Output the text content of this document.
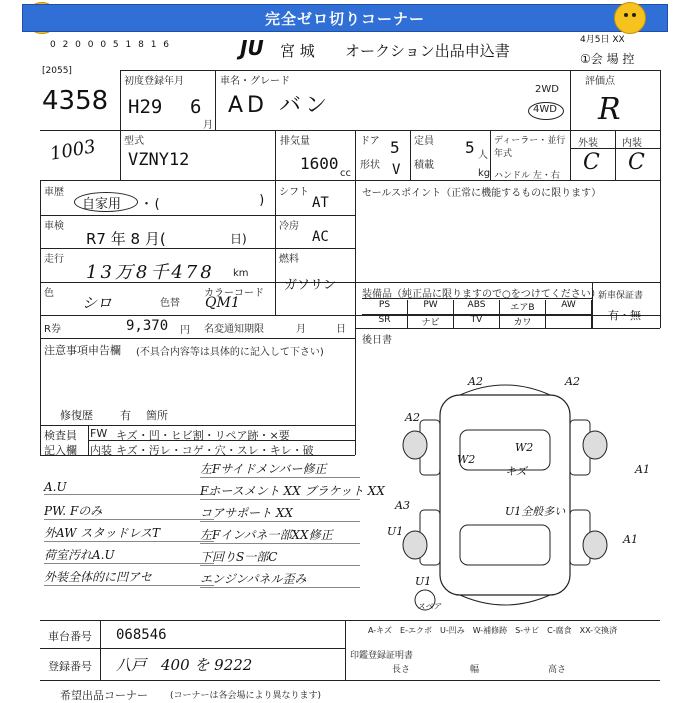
完全ゼロ切りコーナー
0 2 0 0 0 5 1 8 1 6	JU 宮 城 オークション出品申込書
4月5日 XX
①会 場 控
[2055]
4358
1003
初度登録年月
H29 6
月
車名・グレード
AD バン
2WD
4WD
評価点
R
型式
VZNY12
排気量
1600
cc
ドア 5
形状 V
定員 5 人
積載
kg
ディーラー・並行
年式
ハンドル 左・右
外装 内装
C C
車歴
自家用 ・(	)
シフト
AT
車検
R7 年 8 月(	日)
冷房
AC
走行
13万8千478 km
燃料
ガソリン
色
シロ	色替
カラーコード
QM1
R券	9,370 円 名変通知期限	月	日
注意事項申告欄 (不具合内容等は具体的に記入して下さい)
修復歴 有 箇所
セールスポイント（正常に機能するものに限ります）
装備品（純正品に限りますので○をつけてください）
PS	PW	ABS	エアB	AW
SR	ナビ	TV	カワ
新車保証書
有・無
後日書
検査員
記入欄
FW キズ・凹・ヒビ割・リペア跡・×要
内装 キズ・汚レ・コゲ・穴・スレ・キレ・破
A.U
PW. Fのみ
外AW スタッドレスT
荷室汚れA.U
外装全体的に凹アセ
左Fサイドメンバー修正
Fホースメント XX ブラケット XX
コアサポート XX
左Fインパネ一部XX修正
下回りS一部C
エンジンパネル歪み
A2	A2
A2
W2
W2
キズ	A1
A3
U1
U1全般多い
A1
U1
スペア
A-キズ　E-エクボ　U-凹み　W-補修跡　S-サビ　C-腐食　XX-交換済
車台番号 068546
登録番号 八戸　400 を 9222	印鑑登録証明書
長さ	幅	高さ
希望出品コーナー (コーナーは各会場により異なります)
